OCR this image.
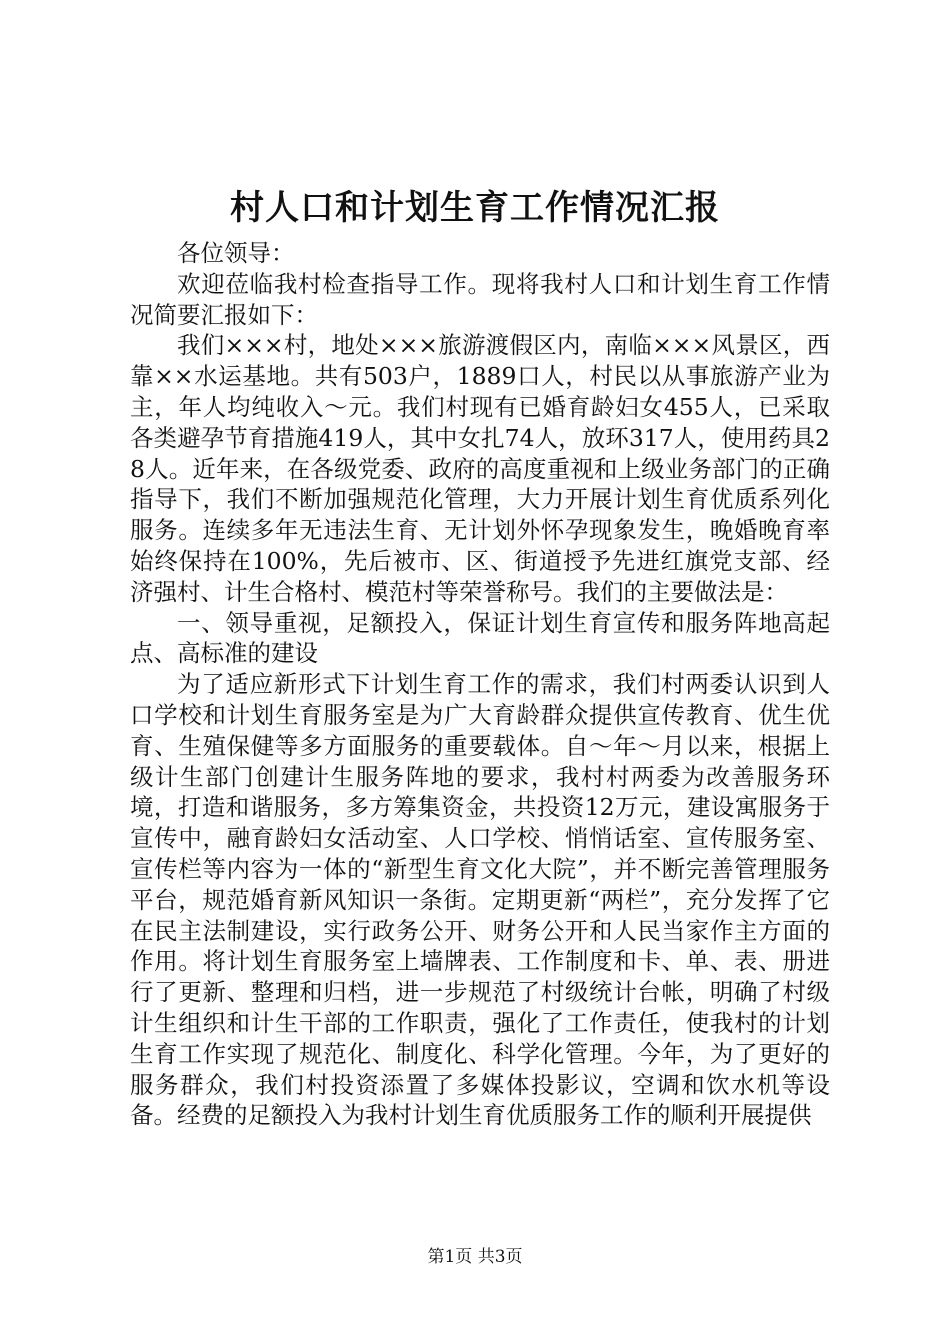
村人口和计划生育工作情况汇报

各位领导：

欢迎莅临我村检查指导工作。现将我村人口和计划生育工作情况简要汇报如下：

我们×××村，地处×××旅游渡假区内，南临×××风景区，西靠××水运基地。共有503户，1889口人，村民以从事旅游产业为主，年人均纯收入～元。我们村现有已婚育龄妇女455人，已采取各类避孕节育措施419人，其中女扎74人，放环317人，使用药具28人。近年来，在各级党委、政府的高度重视和上级业务部门的正确指导下，我们不断加强规范化管理，大力开展计划生育优质系列化服务。连续多年无违法生育、无计划外怀孕现象发生，晚婚晚育率始终保持在100%，先后被市、区、街道授予先进红旗党支部、经济强村、计生合格村、模范村等荣誉称号。我们的主要做法是：

一、领导重视，足额投入，保证计划生育宣传和服务阵地高起点、高标准的建设

为了适应新形式下计划生育工作的需求，我们村两委认识到人口学校和计划生育服务室是为广大育龄群众提供宣传教育、优生优育、生殖保健等多方面服务的重要载体。自～年～月以来，根据上级计生部门创建计生服务阵地的要求，我村村两委为改善服务环境，打造和谐服务，多方筹集资金，共投资12万元，建设寓服务于宣传中，融育龄妇女活动室、人口学校、悄悄话室、宣传服务室、宣传栏等内容为一体的“新型生育文化大院”，并不断完善管理服务平台，规范婚育新风知识一条街。定期更新“两栏”，充分发挥了它在民主法制建设，实行政务公开、财务公开和人民当家作主方面的作用。将计划生育服务室上墙牌表、工作制度和卡、单、表、册进行了更新、整理和归档，进一步规范了村级统计台帐，明确了村级计生组织和计生干部的工作职责，强化了工作责任，使我村的计划生育工作实现了规范化、制度化、科学化管理。今年，为了更好的服务群众，我们村投资添置了多媒体投影议，空调和饮水机等设备。经费的足额投入为我村计划生育优质服务工作的顺利开展提供

第1页 共3页
